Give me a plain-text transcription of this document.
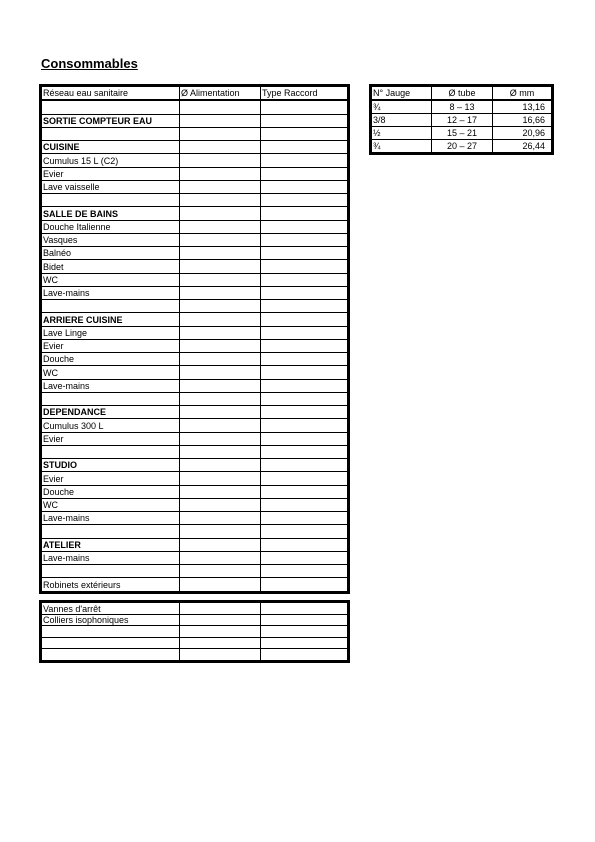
Consommables
Réseau eau sanitaire	Ø Alimentation	Type Raccord

SORTIE COMPTEUR EAU		

CUISINE		
Cumulus 15 L (C2)		
Evier		
Lave vaisselle		

SALLE DE BAINS		
Douche Italienne		
Vasques		
Balnéo		
Bidet		
WC		
Lave-mains		

ARRIERE CUISINE		
Lave Linge		
Evier		
Douche		
WC		
Lave-mains		

DEPENDANCE		
Cumulus 300 L		
Evier		

STUDIO		
Evier		
Douche		
WC		
Lave-mains		

ATELIER		
Lave-mains		

Robinets extérieurs		
N° Jauge	Ø tube	Ø mm
¾	8 – 13	13,16
3/8	12 – 17	16,66
½	15 – 21	20,96
¾	20 – 27	26,44
Vannes d'arrêt		
Colliers isophoniques		
